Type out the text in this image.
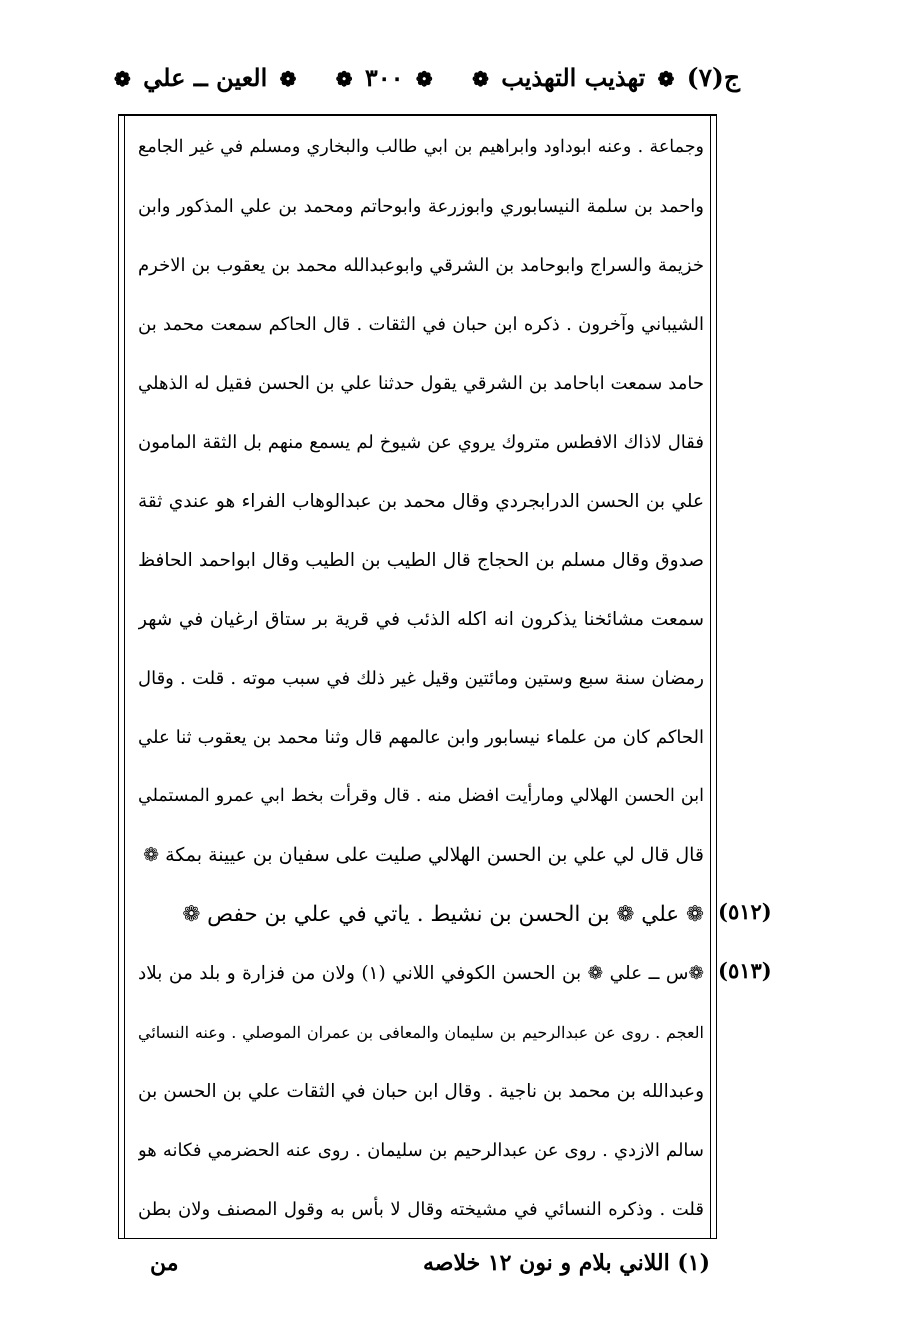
ج(٧) ❁ تهذيب التهذيب ❁
❁ ٣٠٠ ❁
❁ العين ــ علي ❁
وجماعة . وعنه ابوداود وابراهيم بن ابي طالب والبخاري ومسلم في غير الجامع
واحمد بن سلمة النيسابوري وابوزرعة وابوحاتم ومحمد بن علي المذكور وابن
خزيمة والسراج وابوحامد بن الشرقي وابوعبدالله محمد بن يعقوب بن الاخرم
الشيباني وآخرون . ذكره ابن حبان في الثقات . قال الحاكم سمعت محمد بن
حامد سمعت اباحامد بن الشرقي يقول حدثنا علي بن الحسن فقيل له الذهلي
فقال لاذاك الافطس متروك يروي عن شيوخ لم يسمع منهم بل الثقة المامون
علي بن الحسن الدرابجردي وقال محمد بن عبدالوهاب الفراء هو عندي ثقة
صدوق وقال مسلم بن الحجاج قال الطيب بن الطيب وقال ابواحمد الحافظ
سمعت مشائخنا يذكرون انه اكله الذئب في قرية بر ستاق ارغيان في شهر
رمضان سنة سبع وستين ومائتين وقيل غير ذلك في سبب موته . قلت . وقال
الحاكم كان من علماء نيسابور وابن عالمهم قال وثنا محمد بن يعقوب ثنا علي
ابن الحسن الهلالي ومارأيت افضل منه . قال وقرأت بخط ابي عمرو المستملي
قال قال لي علي بن الحسن الهلالي صليت على سفيان بن عيينة بمكة ❁
❁ علي ❁ بن الحسن بن نشيط . ياتي في علي بن حفص ❁
❁س ــ علي ❁ بن الحسن الكوفي اللاني (١) ولان من فزارة و بلد من بلاد
العجم . روى عن عبدالرحيم بن سليمان والمعافى بن عمران الموصلي . وعنه النسائي
وعبدالله بن محمد بن ناجية . وقال ابن حبان في الثقات علي بن الحسن بن
سالم الازدي . روى عن عبدالرحيم بن سليمان . روى عنه الحضرمي فكانه هو
قلت . وذكره النسائي في مشيخته وقال لا بأس به وقول المصنف ولان بطن
(٥١٢)
(٥١٣)
(١) اللاني بلام و نون ١٢ خلاصه
من
